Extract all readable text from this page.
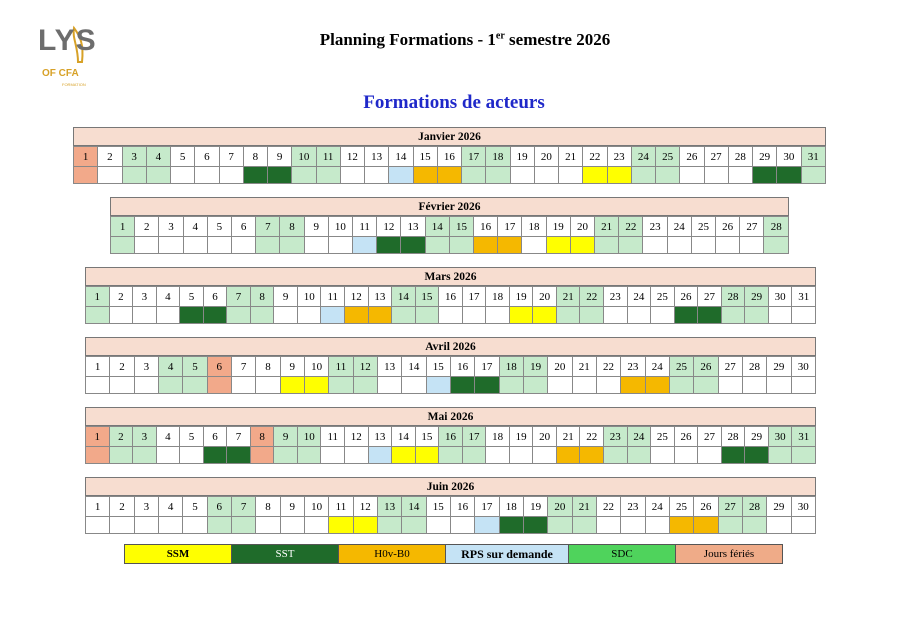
LYS
OF CFA
FORMATION
Planning Formations - 1er semestre 2026
Formations de acteurs
Janvier 2026
1	2	3	4	5	6	7	8	9	10	11	12	13	14	15	16	17	18	19	20	21	22	23	24	25	26	27	28	29	30	31

Février 2026
1	2	3	4	5	6	7	8	9	10	11	12	13	14	15	16	17	18	19	20	21	22	23	24	25	26	27	28

Mars 2026
1	2	3	4	5	6	7	8	9	10	11	12	13	14	15	16	17	18	19	20	21	22	23	24	25	26	27	28	29	30	31

Avril 2026
1	2	3	4	5	6	7	8	9	10	11	12	13	14	15	16	17	18	19	20	21	22	23	24	25	26	27	28	29	30

Mai 2026
1	2	3	4	5	6	7	8	9	10	11	12	13	14	15	16	17	18	19	20	21	22	23	24	25	26	27	28	29	30	31

Juin 2026
1	2	3	4	5	6	7	8	9	10	11	12	13	14	15	16	17	18	19	20	21	22	23	24	25	26	27	28	29	30

SSM	SST	H0v-B0	RPS sur demande	SDC	Jours fériés
